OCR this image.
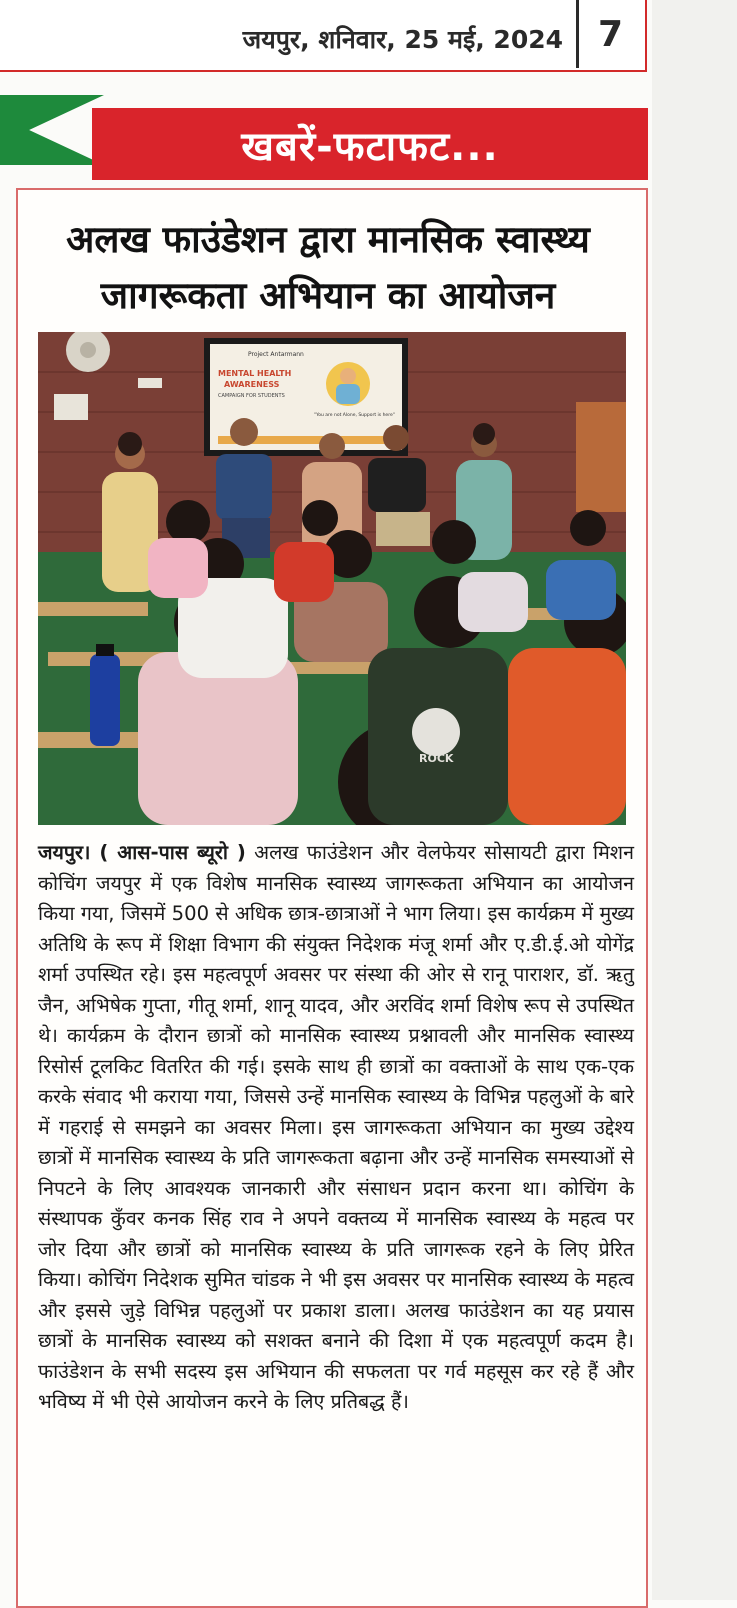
जयपुर, शनिवार, 25 मई, 2024 7
खबरें-फटाफट...
अलख फाउंडेशन द्वारा मानसिक स्वास्थ्य
जागरूकता अभियान का आयोजन
Project Antarmann
MENTAL HEALTH
AWARENESS
CAMPAIGN FOR STUDENTS
"You are not Alone, Support is here"
ROCK
जयपुर। ( आस-पास ब्यूरो ) अलख फाउंडेशन और वेलफेयर सोसायटी द्वारा मिशन कोचिंग जयपुर में एक विशेष मानसिक स्वास्थ्य जागरूकता अभियान का आयोजन किया गया, जिसमें 500 से अधिक छात्र-छात्राओं ने भाग लिया। इस कार्यक्रम में मुख्य अतिथि के रूप में शिक्षा विभाग की संयुक्त निदेशक मंजू शर्मा और ए.डी.ई.ओ योगेंद्र शर्मा उपस्थित रहे। इस महत्वपूर्ण अवसर पर संस्था की ओर से रानू पाराशर, डॉ. ऋतु जैन, अभिषेक गुप्ता, गीतू शर्मा, शानू यादव, और अरविंद शर्मा विशेष रूप से उपस्थित थे। कार्यक्रम के दौरान छात्रों को मानसिक स्वास्थ्य प्रश्नावली और मानसिक स्वास्थ्य रिसोर्स टूलकिट वितरित की गई। इसके साथ ही छात्रों का वक्ताओं के साथ एक-एक करके संवाद भी कराया गया, जिससे उन्हें मानसिक स्वास्थ्य के विभिन्न पहलुओं के बारे में गहराई से समझने का अवसर मिला। इस जागरूकता अभियान का मुख्य उद्देश्य छात्रों में मानसिक स्वास्थ्य के प्रति जागरूकता बढ़ाना और उन्हें मानसिक समस्याओं से निपटने के लिए आवश्यक जानकारी और संसाधन प्रदान करना था। कोचिंग के संस्थापक कुँवर कनक सिंह राव ने अपने वक्तव्य में मानसिक स्वास्थ्य के महत्व पर जोर दिया और छात्रों को मानसिक स्वास्थ्य के प्रति जागरूक रहने के लिए प्रेरित किया। कोचिंग निदेशक सुमित चांडक ने भी इस अवसर पर मानसिक स्वास्थ्य के महत्व और इससे जुड़े विभिन्न पहलुओं पर प्रकाश डाला। अलख फाउंडेशन का यह प्रयास छात्रों के मानसिक स्वास्थ्य को सशक्त बनाने की दिशा में एक महत्वपूर्ण कदम है। फाउंडेशन के सभी सदस्य इस अभियान की सफलता पर गर्व महसूस कर रहे हैं और भविष्य में भी ऐसे आयोजन करने के लिए प्रतिबद्ध हैं।
